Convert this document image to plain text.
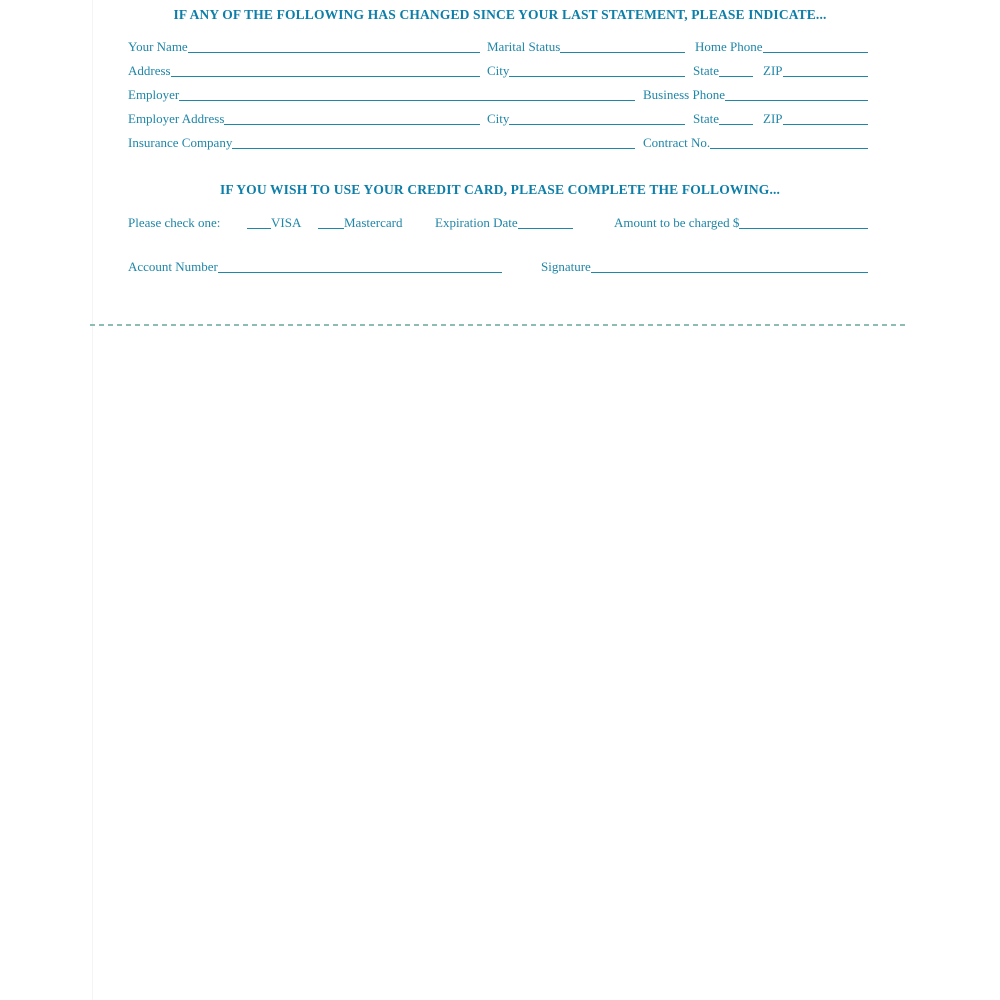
IF ANY OF THE FOLLOWING HAS CHANGED SINCE YOUR LAST STATEMENT, PLEASE INDICATE...
Your Name	Marital Status	Home Phone
Address	City	State	ZIP
Employer	Business Phone
Employer Address	City	State	ZIP
Insurance Company	Contract No.
IF YOU WISH TO USE YOUR CREDIT CARD, PLEASE COMPLETE THE FOLLOWING...
Please check one:	VISA	Mastercard	Expiration Date	Amount to be charged $
Account Number	Signature
